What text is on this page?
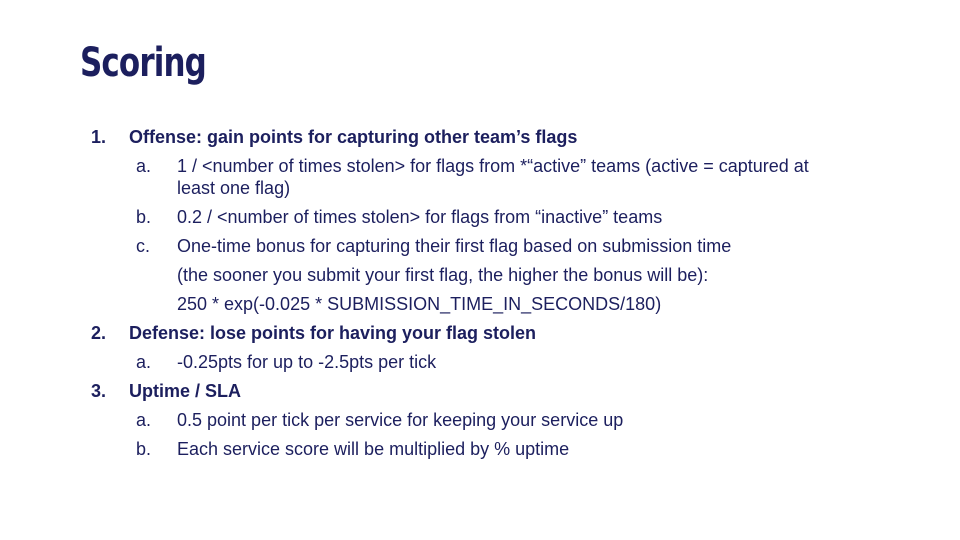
Scoring
1. Offense: gain points for capturing other team’s flags
a. 1 / <number of times stolen> for flags from *“active” teams (active = captured at
least one flag)
b. 0.2 / <number of times stolen> for flags from “inactive” teams
c. One-time bonus for capturing their first flag based on submission time
(the sooner you submit your first flag, the higher the bonus will be):
250 * exp(-0.025 * SUBMISSION_TIME_IN_SECONDS/180)
2. Defense: lose points for having your flag stolen
a. -0.25pts for up to -2.5pts per tick
3. Uptime / SLA
a. 0.5 point per tick per service for keeping your service up
b. Each service score will be multiplied by % uptime
